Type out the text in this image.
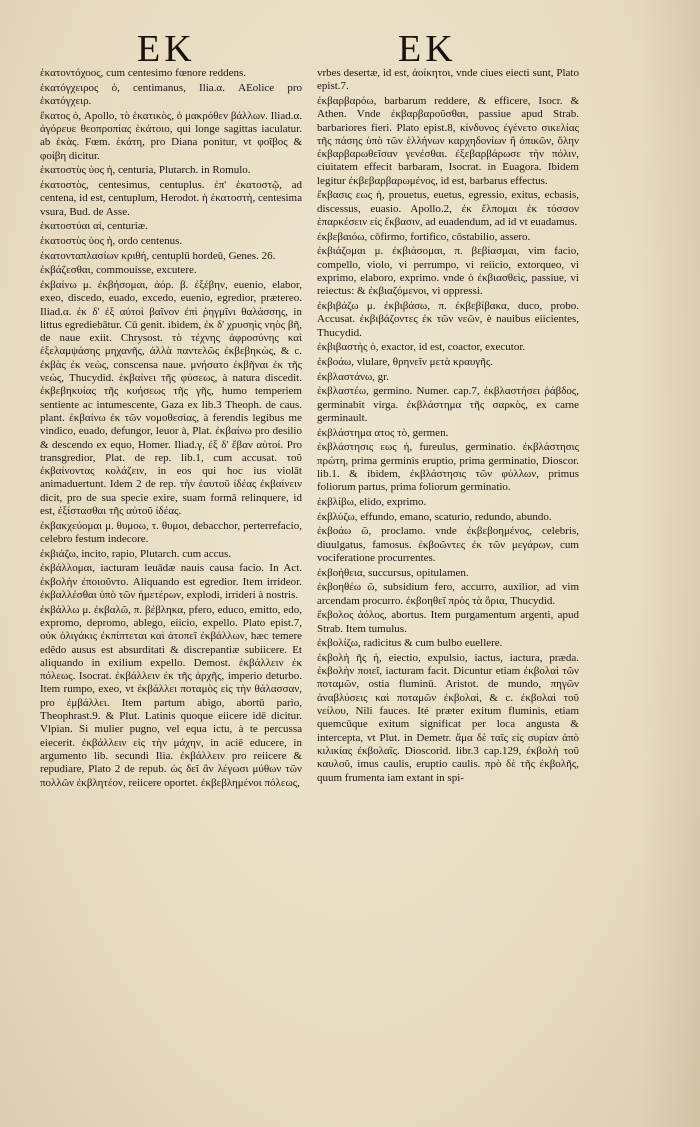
EK	EK

ἑκατοντόχοος, cum centesimo fœnore reddens.

ἑκατόγχειρος ὁ, centimanus, Ilia.α. AEolice pro ἑκατόγχειρ.

ἕκατος ὁ, Apollo, τὸ ἑκατικὸς, ὁ μακρόθεν βάλλων. Iliad.α. ἀγόρευε θεοπροπίας ἑκάτοιο, qui longe sagittas iaculatur. ab ἑκὰς. Fœm. ἑκάτη, pro Diana ponitur, vt φοῖβος & φοίβη dicitur.

ἑκατοστὺς ὑος ἡ, centuria, Plutarch. in Romulo.

ἑκατοστὸς, centesimus, centuplus. ἐπ' ἑκατοστῷ, ad centena, id est, centuplum, Herodot. ἡ ἑκατοστὴ, centesima vsura, Bud. de Asse.

ἑκατοστύαι αἱ, centuriæ.

ἑκατοστὺς ὑος ἡ, ordo centenus.

ἑκατονταπλασίων κριθή, centuplū hordeū, Genes. 26.

ἐκβάζεσθαι, commouisse, excutere.

ἐκβαίνω μ. ἐκβήσομαι, ἀόρ. β. ἐξέβην, euenio, elabor, exeo, discedo, euado, excedo, euenio, egredior, prætereo. Iliad.α. ἐκ δ' ἐξ αὐτοὶ βαῖνον ἐπὶ ῥηγμῖνι θαλάσσης, in littus egrediebātur. Cū genit. ibidem, ἐκ δ' χρυσηὶς νηὸς βῆ, de naue exiit. Chrysost. τὸ τέχνης ἀφροσύνης καὶ ἐξελαμψάσης μηχανῆς, ἀλλὰ παντελῶς ἐκβεβηκὼς, & c. ἐκβὰς ἐκ νεὼς, conscensa naue. μνήσατο ἐκβῆναι ἐκ τῆς νεὼς, Thucydid. ἐκβαίνει τῆς φύσεως, à natura discedit. ἐκβεβηκυίας τῆς κυήσεως τῆς γῆς, humo temperiem sentiente ac intumescente, Gaza ex lib.3 Theoph. de caus. plant. ἐκβαίνω ἐκ τῶν νομοθεσίας, à ferendis legibus me vindico, euado, defungor, leuor à, Plat. ἐκβαίνω pro desilio & descendo ex equo, Homer. Iliad.γ, ἐξ δ' ἔβαν αὐτοί. Pro transgredior, Plat. de rep. lib.1, cum accusat. τοῦ ἐκβαίνοντας κολάζειν, in eos qui hoc ius violāt animaduertunt. Idem 2 de rep. τὴν ἑαυτοῦ ἰδέας ἐκβαίνειν dicit, pro de sua specie exire, suam formā relinquere, id est, ἐξίστασθαι τῆς αὐτοῦ ἰδέας.

ἐκβακχεύομαι μ. θυμοω, τ. θυμοι, debacchor, perterrefacio, celebro festum indecore.

ἐκβιάζω, incito, rapio, Plutarch. cum accus.

ἐκβάλλομαι, iacturam leuādæ nauis causa facio. In Act. ἐκβολὴν ἐποιοῦντο. Aliquando est egredior. Item irrideor. ἐκβαλλέσθαι ὑπὸ τῶν ἡμετέρων, explodi, irrideri à nostris.

ἐκβάλλω μ. ἐκβαλῶ, π. βέβληκα, pfero, educo, emitto, edo, expromo, depromo, ablego, eiicio, expello. Plato epist.7, οὐκ ὀλιγάκις ἐκπίπτεται καὶ ἀτοπεῖ ἐκβάλλων, hæc temere edēdo ausus est absurditati & discrepantiæ subiicere. Et aliquando in exilium expello. Demost. ἐκβάλλειν ἐκ πόλεως. Isocrat. ἐκβάλλειν ἐκ τῆς ἀρχῆς, imperio deturbo. Item rumpo, exeo, vt ἐκβάλλει ποταμὸς εἰς τὴν θάλασσαν, pro ἐμβάλλει. Item partum abigo, abortū pario, Theophrast.9. & Plut. Latinis quoque eiicere idē dicitur. Vlpian. Si mulier pugno, vel equa ictu, à te percussa eiecerit. ἐκβάλλειν εἰς τὴν μάχην, in aciē educere, in argumento lib. secundi Ilia. ἐκβάλλειν pro reiicere & repudiare, Plato 2 de repub. ὡς δεῖ ἂν λέγωσι μύθων τῶν πολλῶν ἐκβλητέον, reiicere oportet. ἐκβεβλημένοι πόλεως,

vrbes desertæ, id est, ἀοίκητοι, vnde ciues eiecti sunt, Plato epist.7.

ἐκβαρβαρόω, barbarum reddere, & efficere, Isocr. & Athen. Vnde ἐκβαρβαροῦσθαι, passiue apud Strab. barbariores fieri. Plato epist.8, κίνδυνος ἐγένετο σικελίας τῆς πάσης ὑπὸ τῶν ἑλλήνων καρχηδονίων ἢ ὀπικῶν, ὅλην ἐκβαρβαρωθεῖσαν γενέσθαι. ἐξεβαρβάρωσε τὴν πόλιν, ciuitatem effecit barbaram, Isocrat. in Euagora. Ibidem legitur ἐκβεβαρβαρωμένος, id est, barbarus effectus.

ἔκβασις εως ἡ, prouetus, euetus, egressio, exitus, ecbasis, discessus, euasio. Apollo.2, ἐκ ἔλπομαι ἐκ τόσσον ἐπαρκέσειν εἰς ἔκβασιν, ad euadendum, ad id vt euadamus.

ἐκβεβαιόω, cōfirmo, fortifico, cōstabilio, assero.

ἐκβιάζομαι μ. ἐκβιάσομαι, π. βεβίασμαι, vim facio, compello, violo, vi perrumpo, vi reiicio, extorqueo, vi exprimo, elaboro, exprimo. vnde ὁ ἐκβιασθεὶς, passiue, vi reiectus: & ἐκβιαζόμενοι, vi oppressi.

ἐκβιβάζω μ. ἐκβιβάσω, π. ἐκβεβίβακα, duco, probo. Accusat. ἐκβιβάζοντες ἐκ τῶν νεῶν, è nauibus eiicientes, Thucydid.

ἐκβιβαστὴς ὁ, exactor, id est, coactor, executor.

ἐκβοάω, vlulare, θρηνεῖν μετὰ κραυγῆς.

ἐκβλαστάνω, gr.

ἐκβλαστέω, germino. Numer. cap.7, ἐκβλαστήσει ῥάβδος, germinabit virga. ἐκβλάστημα τῆς σαρκὸς, ex carne germinault.

ἐκβλάστημα ατος τὸ, germen.

ἐκβλάστησις εως ἡ, fureulus, germinatio. ἐκβλάστησις πρώτη, prima germinis eruptio, prima germinatio, Dioscor. lib.1. & ibidem, ἐκβλάστησις τῶν φύλλων, primus foliorum partus, prima foliorum germinatio.

ἐκβλίβω, elido, exprimo.

ἐκβλύζω, effundo, emano, scaturio, redundo, abundo.

ἐκβοάω ῶ, proclamo. vnde ἐκβεβοημένος, celebris, diuulgatus, famosus. ἐκβοῶντες ἐκ τῶν μεγάρων, cum vociferatione procurrentes.

ἐκβοήθεια, succursus, opitulamen.

ἐκβοηθέω ῶ, subsidium fero, accurro, auxilior, ad vim arcendam procurro. ἐκβοηθεῖ πρὸς τὰ ὅρια, Thucydid.

ἔκβολος ἀόλος, abortus. Item purgamentum argenti, apud Strab. Item tumulus.

ἐκβολίζω, radicitus & cum bulbo euellere.

ἐκβολὴ ῆς ἡ, eiectio, expulsio, iactus, iactura, præda. ἐκβολὴν ποιεῖ, iacturam facit. Dicuntur etiam ἐκβολαὶ τῶν ποταμῶν, ostia fluminū. Aristot. de mundo, πηγῶν ἀναβλύσεις καὶ ποταμῶν ἐκβολαὶ, & c. ἐκβολαὶ τοῦ νείλου, Nili fauces. Ité præter exitum fluminis, etiam quemcūque exitum significat per loca angusta & intercepta, vt Plut. in Demetr. ἅμα δὲ ταῖς εἰς συρίαν ἀπὸ κιλικίας ἐκβολαῖς. Dioscorid. libr.3 cap.129, ἐκβολὴ τοῦ καυλοῦ, imus caulis, eruptio caulis. πρὸ δὲ τῆς ἐκβολῆς, quum frumenta iam extant in spi-
